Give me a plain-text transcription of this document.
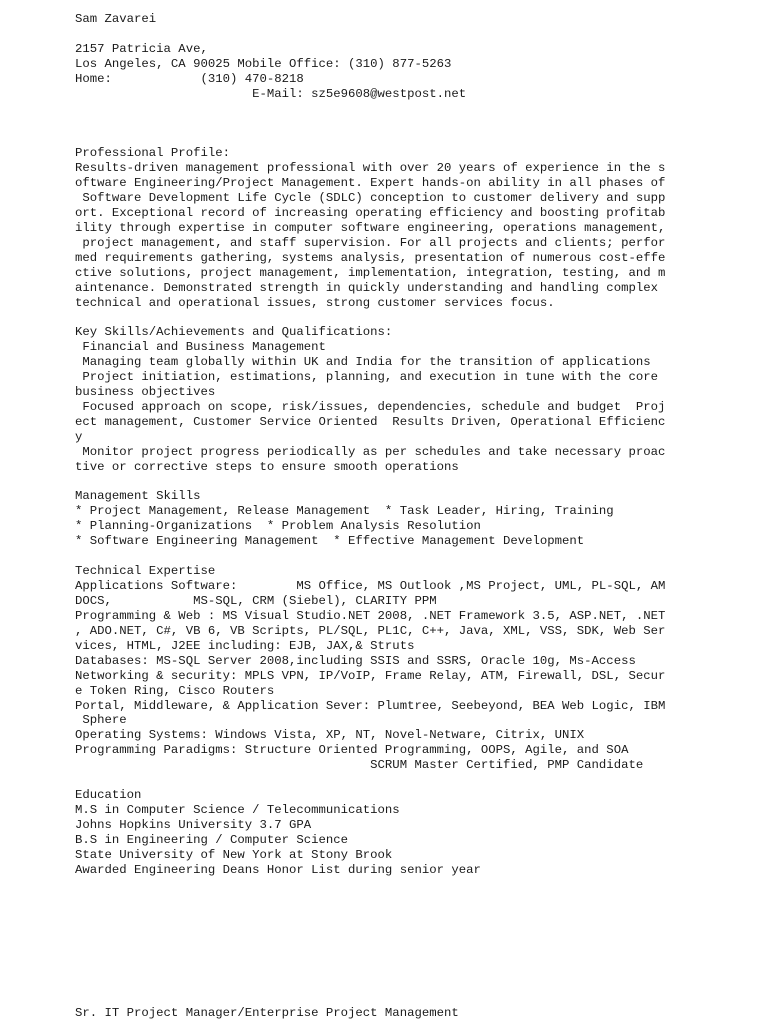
Sam Zavarei

2157 Patricia Ave,

Los Angeles, CA 90025 Mobile Office: (310) 877-5263

Home:            (310) 470-8218

E-Mail: sz5e9608@westpost.net

Professional Profile:

Results-driven management professional with over 20 years of experience in the s

oftware Engineering/Project Management. Expert hands-on ability in all phases of

Software Development Life Cycle (SDLC) conception to customer delivery and supp

ort. Exceptional record of increasing operating efficiency and boosting profitab

ility through expertise in computer software engineering, operations management,

project management, and staff supervision. For all projects and clients; perfor

med requirements gathering, systems analysis, presentation of numerous cost-effe

ctive solutions, project management, implementation, integration, testing, and m

aintenance. Demonstrated strength in quickly understanding and handling complex

technical and operational issues, strong customer services focus.

Key Skills/Achievements and Qualifications:

Financial and Business Management

Managing team globally within UK and India for the transition of applications

Project initiation, estimations, planning, and execution in tune with the core

business objectives

Focused approach on scope, risk/issues, dependencies, schedule and budget  Proj

ect management, Customer Service Oriented  Results Driven, Operational Efficienc

y

Monitor project progress periodically as per schedules and take necessary proac

tive or corrective steps to ensure smooth operations

Management Skills

* Project Management, Release Management  * Task Leader, Hiring, Training

* Planning-Organizations  * Problem Analysis Resolution

* Software Engineering Management  * Effective Management Development

Technical Expertise

Applications Software:        MS Office, MS Outlook ,MS Project, UML, PL-SQL, AM

DOCS,           MS-SQL, CRM (Siebel), CLARITY PPM

Programming & Web : MS Visual Studio.NET 2008, .NET Framework 3.5, ASP.NET, .NET

, ADO.NET, C#, VB 6, VB Scripts, PL/SQL, PL1C, C++, Java, XML, VSS, SDK, Web Ser

vices, HTML, J2EE including: EJB, JAX,& Struts

Databases: MS-SQL Server 2008,including SSIS and SSRS, Oracle 10g, Ms-Access

Networking & security: MPLS VPN, IP/VoIP, Frame Relay, ATM, Firewall, DSL, Secur

e Token Ring, Cisco Routers

Portal, Middleware, & Application Sever: Plumtree, Seebeyond, BEA Web Logic, IBM

Sphere

Operating Systems: Windows Vista, XP, NT, Novel-Netware, Citrix, UNIX

Programming Paradigms: Structure Oriented Programming, OOPS, Agile, and SOA

SCRUM Master Certified, PMP Candidate

Education

M.S in Computer Science / Telecommunications

Johns Hopkins University 3.7 GPA

B.S in Engineering / Computer Science

State University of New York at Stony Brook

Awarded Engineering Deans Honor List during senior year

Sr. IT Project Manager/Enterprise Project Management
